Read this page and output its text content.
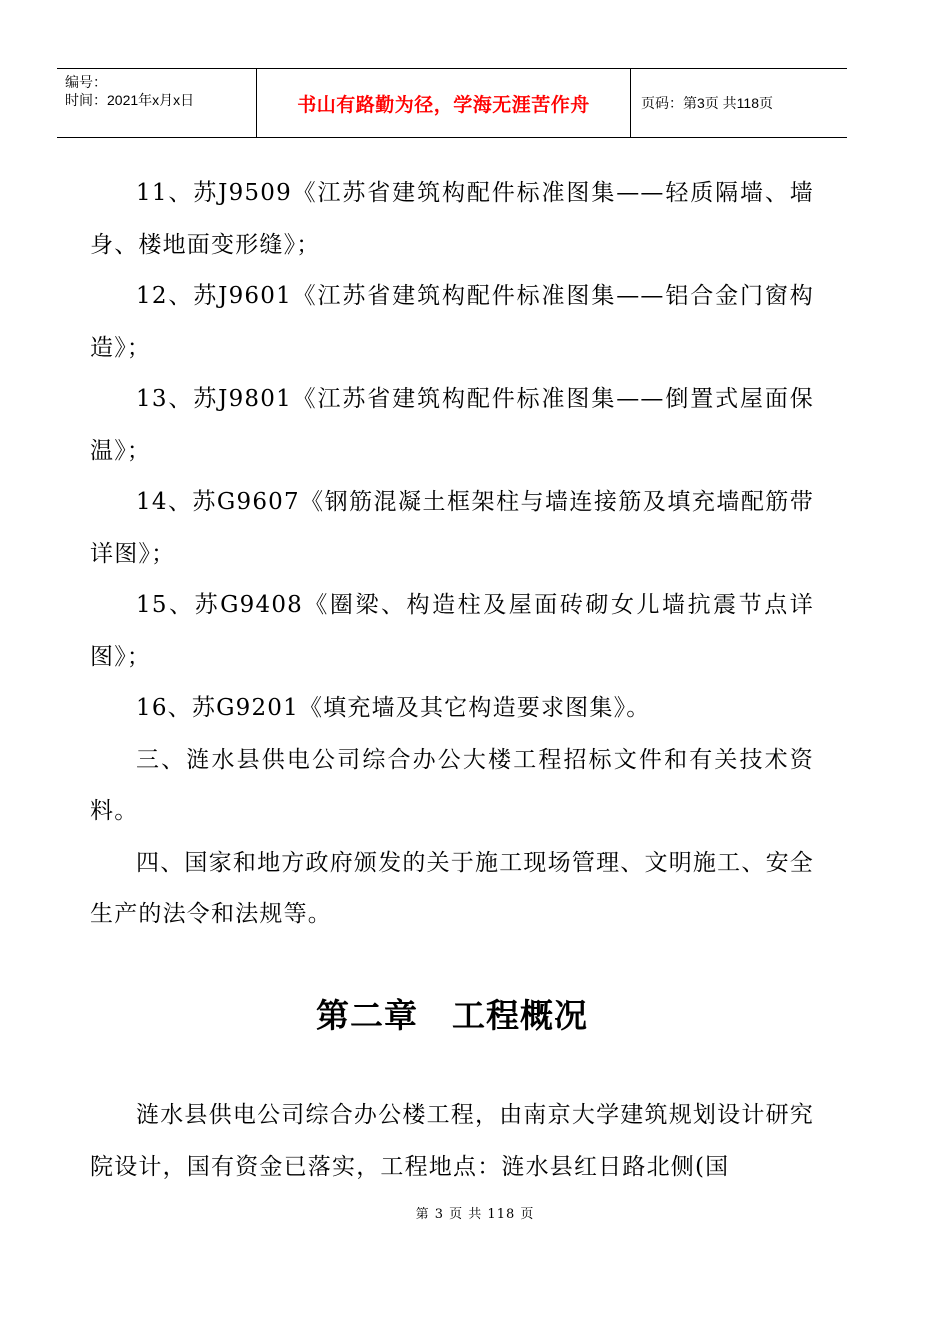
编号：
时间：2021年x月x日	书山有路勤为径，学海无涯苦作舟	页码：第3页 共118页

11、苏J9509《江苏省建筑构配件标准图集——轻质隔墙、墙身、楼地面变形缝》；

12、苏J9601《江苏省建筑构配件标准图集——铝合金门窗构造》；

13、苏J9801《江苏省建筑构配件标准图集——倒置式屋面保温》；

14、苏G9607《钢筋混凝土框架柱与墙连接筋及填充墙配筋带详图》；

15、苏G9408《圈梁、构造柱及屋面砖砌女儿墙抗震节点详图》；

16、苏G9201《填充墙及其它构造要求图集》。

三、涟水县供电公司综合办公大楼工程招标文件和有关技术资料。

四、国家和地方政府颁发的关于施工现场管理、文明施工、安全生产的法令和法规等。

第二章　工程概况

涟水县供电公司综合办公楼工程，由南京大学建筑规划设计研究院设计，国有资金已落实，工程地点：涟水县红日路北侧(国

第 3 页 共 118 页
